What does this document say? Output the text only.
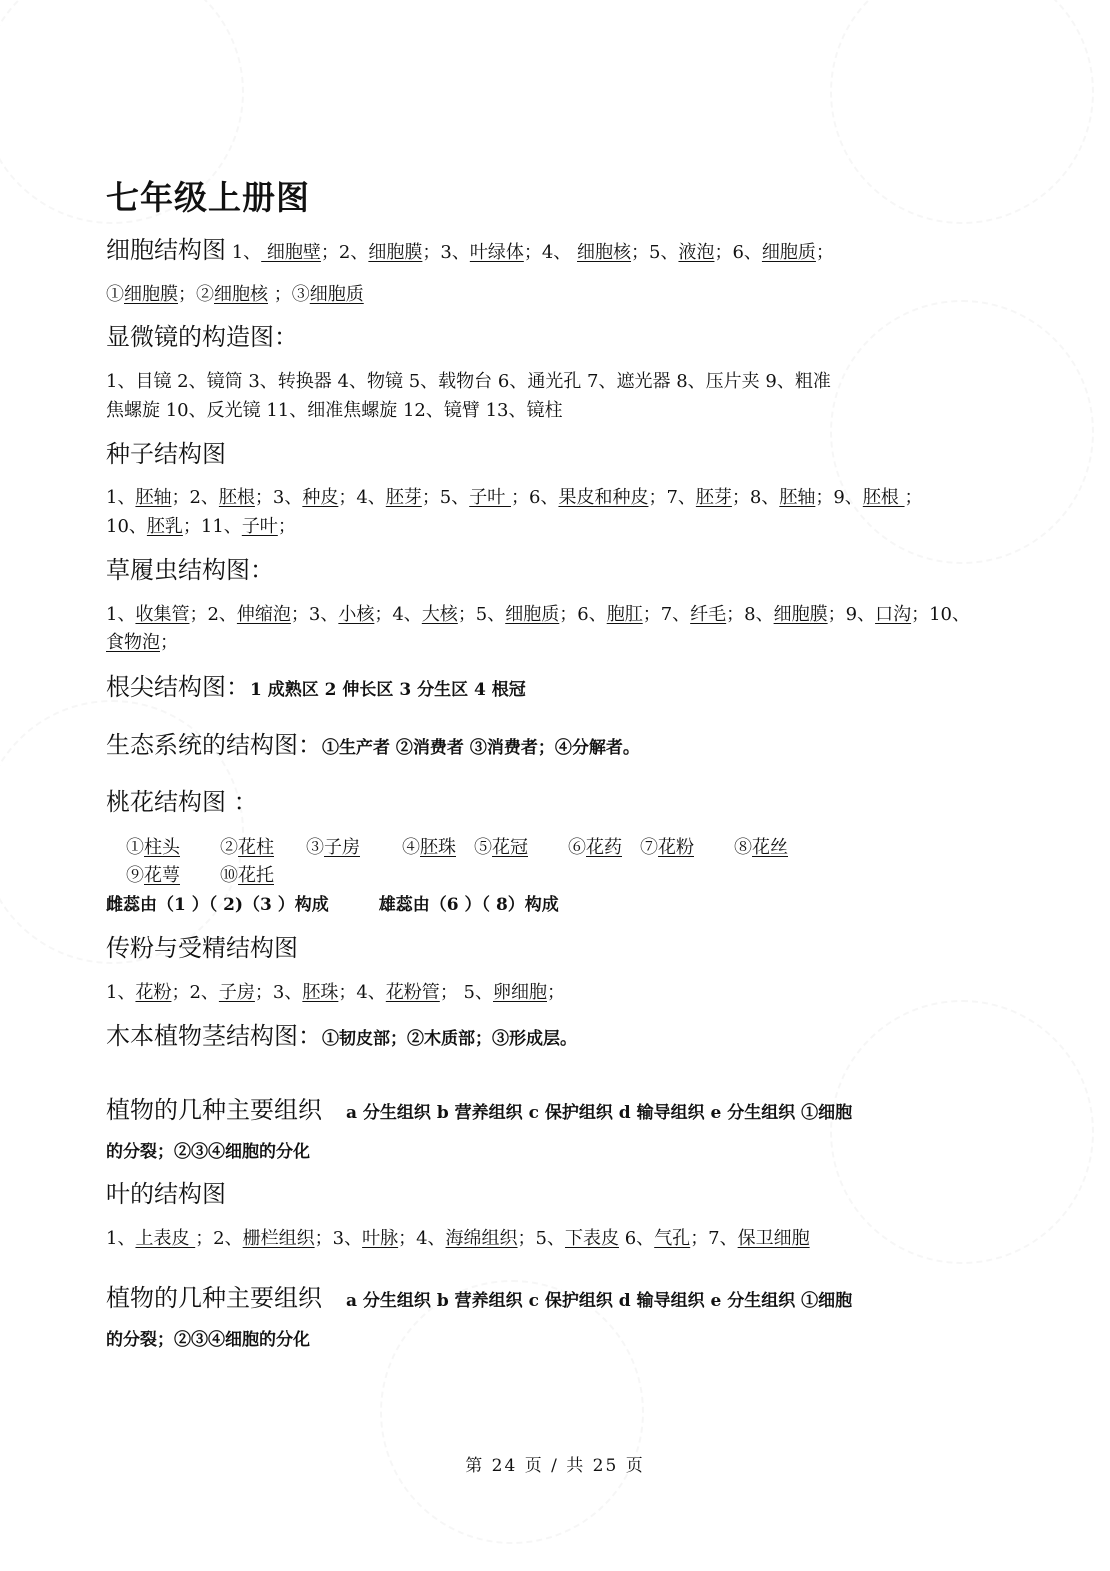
七年级上册图
细胞结构图 1、 细胞壁；2、细胞膜；3、叶绿体；4、 细胞核；5、液泡；6、细胞质；
①细胞膜；②细胞核 ；③细胞质
显微镜的构造图：
1、目镜 2、镜筒 3、转换器 4、物镜 5、载物台 6、通光孔 7、遮光器 8、压片夹 9、粗准
焦螺旋 10、反光镜 11、细准焦螺旋 12、镜臂 13、镜柱
种子结构图
1、胚轴；2、胚根；3、种皮；4、胚芽；5、子叶 ；6、果皮和种皮；7、胚芽；8、胚轴；9、胚根 ；
10、胚乳；11、子叶；
草履虫结构图：
1、收集管；2、伸缩泡；3、小核；4、大核；5、细胞质；6、胞肛；7、纤毛；8、细胞膜；9、口沟；10、
食物泡；
根尖结构图：1 成熟区 2 伸长区 3 分生区 4 根冠
生态系统的结构图：①生产者 ②消费者 ③消费者；④分解者。
桃花结构图 ：
①柱头 ②花柱 ③子房 ④胚珠 ⑤花冠 ⑥花药 ⑦花粉 ⑧花丝
⑨花萼 ⑩花托
雌蕊由（1 ）（ 2)（3 ）构成	雄蕊由（6 ）（ 8）构成
传粉与受精结构图
1、花粉；2、子房；3、胚珠；4、花粉管； 5、卵细胞；
木本植物茎结构图：①韧皮部；②木质部；③形成层。
植物的几种主要组织 a 分生组织 b 营养组织 c 保护组织 d 输导组织 e 分生组织 ①细胞
的分裂；②③④细胞的分化
叶的结构图
1、上表皮 ；2、栅栏组织；3、叶脉；4、海绵组织；5、下表皮 6、气孔；7、保卫细胞
植物的几种主要组织 a 分生组织 b 营养组织 c 保护组织 d 输导组织 e 分生组织 ①细胞
的分裂；②③④细胞的分化
第 24 页 / 共 25 页
